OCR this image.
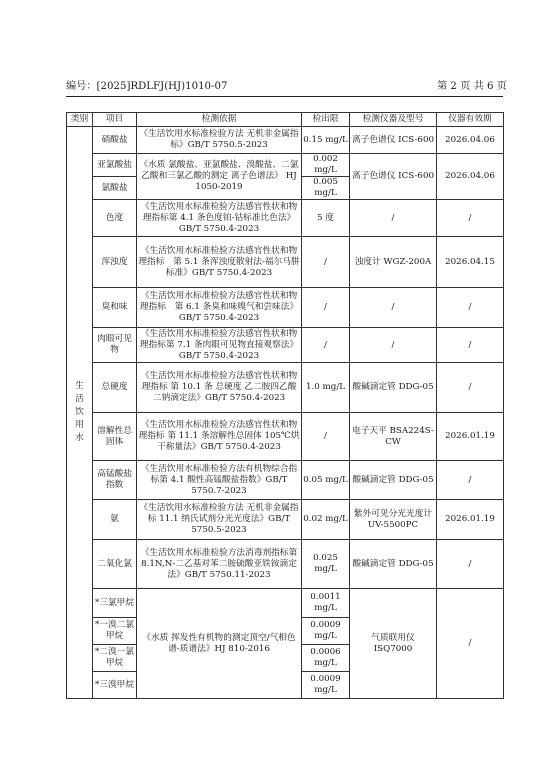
编号：[2025]RDLFJ(HJ)1010-07	第 2 页 共 6 页
类别	项目	检测依据	检出限	检测仪器及型号	仪器有效期
生活饮用水	硝酸盐	《生活饮用水标准检验方法 无机非金属指标》GB/T 5750.5-2023	0.15 mg/L	离子色谱仪 ICS-600	2026.04.06
	亚氯酸盐	《水质 氯酸盐、亚氯酸盐、溴酸盐、二氯乙酸和三氯乙酸的测定 离子色谱法》 HJ 1050-2019	0.002 mg/L	离子色谱仪 ICS-600	2026.04.06
	氯酸盐		0.005 mg/L		
	色度	《生活饮用水标准检验方法感官性状和物理指标第 4.1 条色度铂-钴标准比色法》GB/T 5750.4-2023	5 度	/	/
	浑浊度	《生活饮用水标准检验方法感官性状和物理指标　第 5.1 条浑浊度散射法-福尔马肼标准》GB/T 5750.4-2023	/	浊度计 WGZ-200A	2026.04.15
	臭和味	《生活饮用水标准检验方法感官性状和物理指标　第 6.1 条臭和味嗅气和尝味法》GB/T 5750.4-2023	/	/	/
	肉眼可见物	《生活饮用水标准检验方法感官性状和物理指标第 7.1 条肉眼可见物直接观察法》GB/T 5750.4-2023	/	/	/
	总硬度	《生活饮用水标准检验方法感官性状和物理指标 第 10.1 条 总硬度 乙二胺四乙酸二钠滴定法》GB/T 5750.4-2023	1.0 mg/L	酸碱滴定管 DDG-05	/
	溶解性总固体	《生活饮用水标准检验方法感官性状和物理指标 第 11.1 条溶解性总固体 105℃烘干称量法》GB/T 5750.4-2023	/	电子天平 BSA224S-CW	2026.01.19
	高锰酸盐指数	《生活饮用水标准检验方法有机物综合指标第 4.1 酸性高锰酸盐指数》GB/T 5750.7-2023	0.05 mg/L	酸碱滴定管 DDG-05	/
	氨	《生活饮用水标准检验方法 无机非金属指标 11.1 纳氏试剂分光光度法》GB/T 5750.5-2023	0.02 mg/L	紫外可见分光光度计 UV-5500PC	2026.01.19
	二氧化氯	《生活饮用水标准检验方法消毒剂指标第 8.1N,N-二乙基对苯二胺硫酸亚铁铵滴定法》GB/T 5750.11-2023	0.025 mg/L	酸碱滴定管 DDG-05	/
	*三氯甲烷	《水质 挥发性有机物的测定顶空/气相色谱-质谱法》HJ 810-2016	0.0011 mg/L	气质联用仪 ISQ7000	/
	*一溴二氯甲烷		0.0009 mg/L		
	*二溴一氯甲烷		0.0006 mg/L		
	*三溴甲烷		0.0009 mg/L		
